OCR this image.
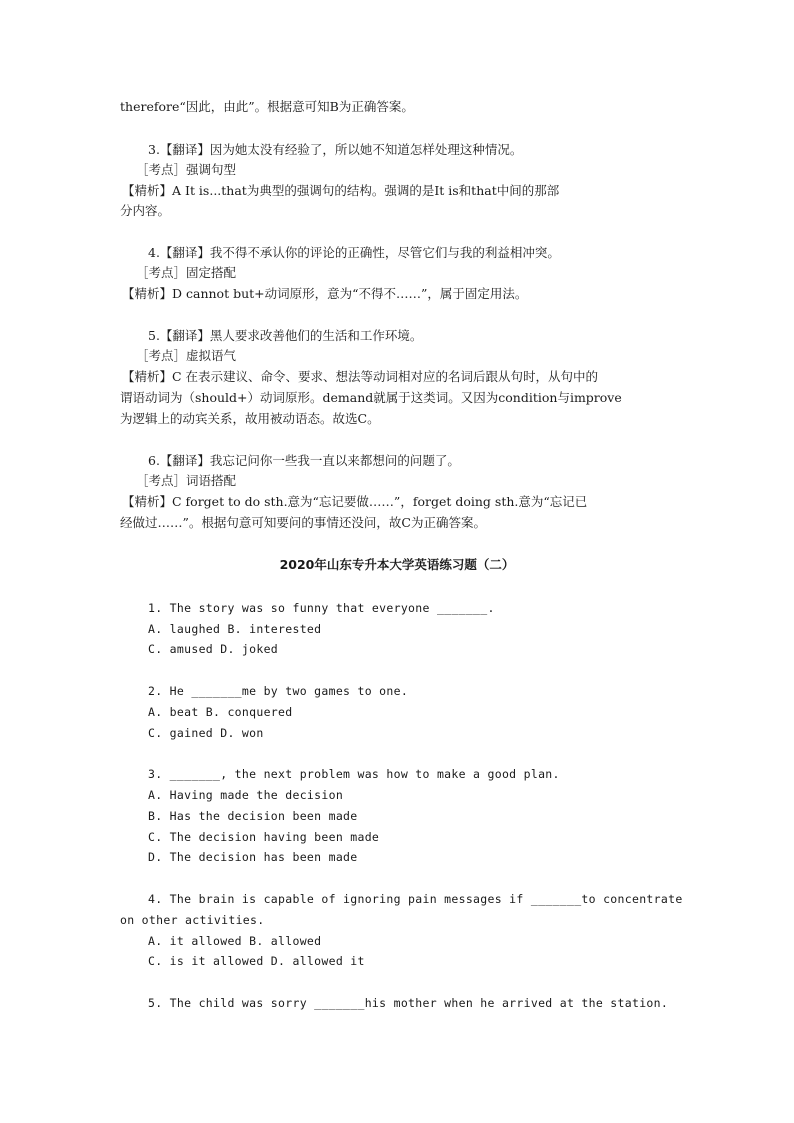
therefore“因此，由此”。根据意可知B为正确答案。
3.【翻译】因为她太没有经验了，所以她不知道怎样处理这种情况。
［考点］强调句型
【精析】A It is...that为典型的强调句的结构。强调的是It is和that中间的那部
分内容。
4.【翻译】我不得不承认你的评论的正确性，尽管它们与我的利益相冲突。
［考点］固定搭配
【精析】D cannot but+动词原形，意为“不得不……”，属于固定用法。
5.【翻译】黑人要求改善他们的生活和工作环境。
［考点］虚拟语气
【精析】C 在表示建议、命令、要求、想法等动词相对应的名词后跟从句时，从句中的
谓语动词为（should+）动词原形。demand就属于这类词。又因为condition与improve
为逻辑上的动宾关系，故用被动语态。故选C。
6.【翻译】我忘记问你一些我一直以来都想问的问题了。
［考点］词语搭配
【精析】C forget to do sth.意为“忘记要做……”，forget doing sth.意为“忘记已
经做过……”。根据句意可知要问的事情还没问，故C为正确答案。
2020年山东专升本大学英语练习题（二）
1. The story was so funny that everyone _______.
A. laughed B. interested
C. amused D. joked
2. He _______me by two games to one.
A. beat B. conquered
C. gained D. won
3. _______, the next problem was how to make a good plan.
A. Having made the decision
B. Has the decision been made
C. The decision having been made
D. The decision has been made
4. The brain is capable of ignoring pain messages if _______to concentrate
on other activities.
A. it allowed B. allowed
C. is it allowed D. allowed it
5. The child was sorry _______his mother when he arrived at the station.
